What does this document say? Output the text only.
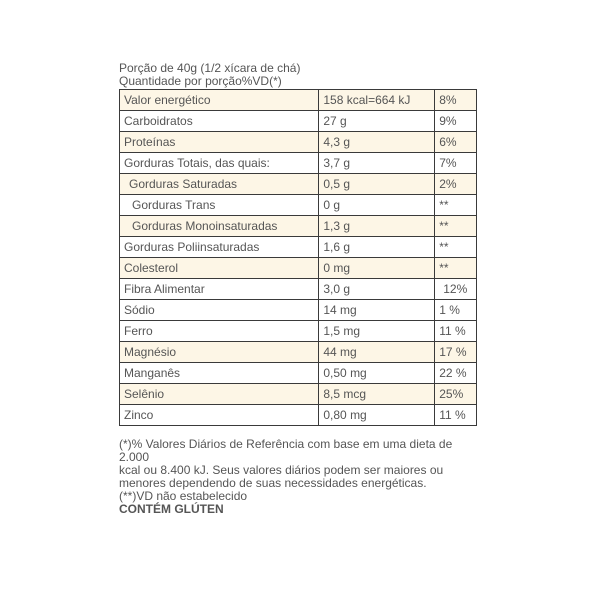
Porção de 40g (1/2 xícara de chá)
Quantidade por porção%VD(*)
Valor energético	158 kcal=664 kJ	8%
Carboidratos	27 g	9%
Proteínas	4,3 g	6%
Gorduras Totais, das quais:	3,7 g	7%
Gorduras Saturadas	0,5 g	2%
Gorduras Trans	0 g	**
Gorduras Monoinsaturadas	1,3 g	**
Gorduras Poliinsaturadas	1,6 g	**
Colesterol	0 mg	**
Fibra Alimentar	3,0 g	12%
Sódio	14 mg	1 %
Ferro	1,5 mg	11 %
Magnésio	44 mg	17 %
Manganês	0,50 mg	22 %
Selênio	8,5 mcg	25%
Zinco	0,80 mg	11 %
(*)% Valores Diários de Referência com base em uma dieta de 2.000
kcal ou 8.400 kJ. Seus valores diários podem ser maiores ou
menores dependendo de suas necessidades energéticas.
(**)VD não estabelecido
CONTÉM GLÚTEN
